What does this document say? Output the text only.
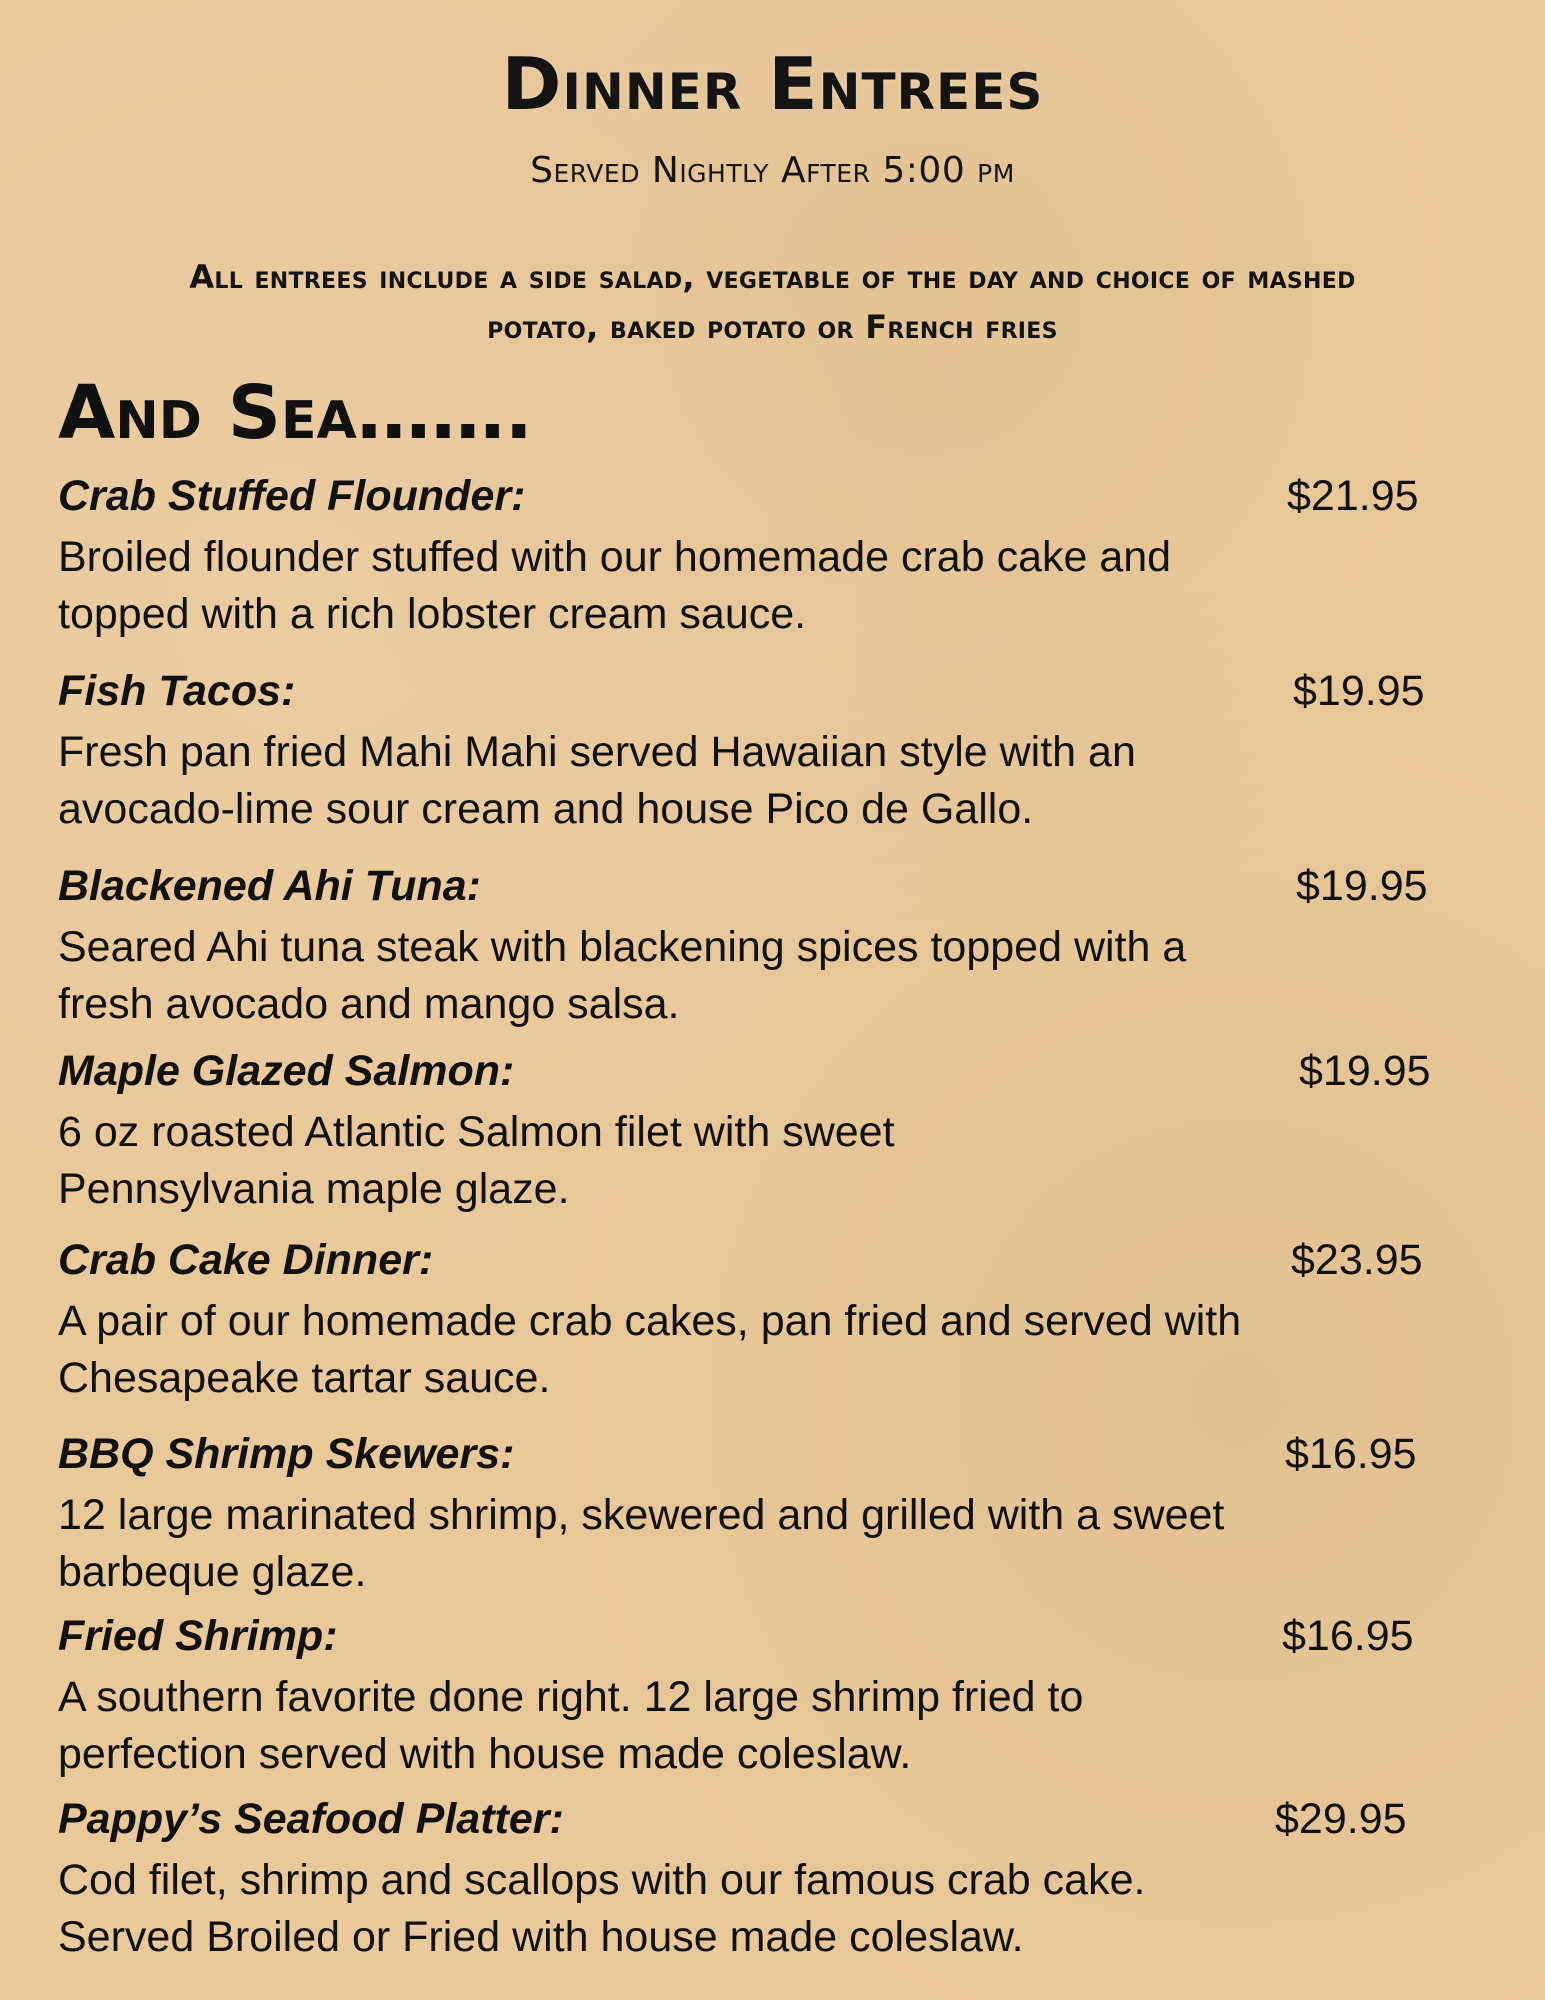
Dinner Entrees
Served Nightly After 5:00 pm
All entrees include a side salad, vegetable of the day and choice of mashed potato, baked potato or French fries
And Sea…….
Crab Stuffed Flounder:	$21.95
Broiled flounder stuffed with our homemade crab cake and
topped with a rich lobster cream sauce.
Fish Tacos:	$19.95
Fresh pan fried Mahi Mahi served Hawaiian style with an
avocado-lime sour cream and house Pico de Gallo.
Blackened Ahi Tuna:	$19.95
Seared Ahi tuna steak with blackening spices topped with a
fresh avocado and mango salsa.
Maple Glazed Salmon:	$19.95
6 oz roasted Atlantic Salmon filet with sweet
Pennsylvania maple glaze.
Crab Cake Dinner:	$23.95
A pair of our homemade crab cakes, pan fried and served with
Chesapeake tartar sauce.
BBQ Shrimp Skewers:	$16.95
12 large marinated shrimp, skewered and grilled with a sweet
barbeque glaze.
Fried Shrimp:	$16.95
A southern favorite done right. 12 large shrimp fried to
perfection served with house made coleslaw.
Pappy’s Seafood Platter:	$29.95
Cod filet, shrimp and scallops with our famous crab cake.
Served Broiled or Fried with house made coleslaw.
